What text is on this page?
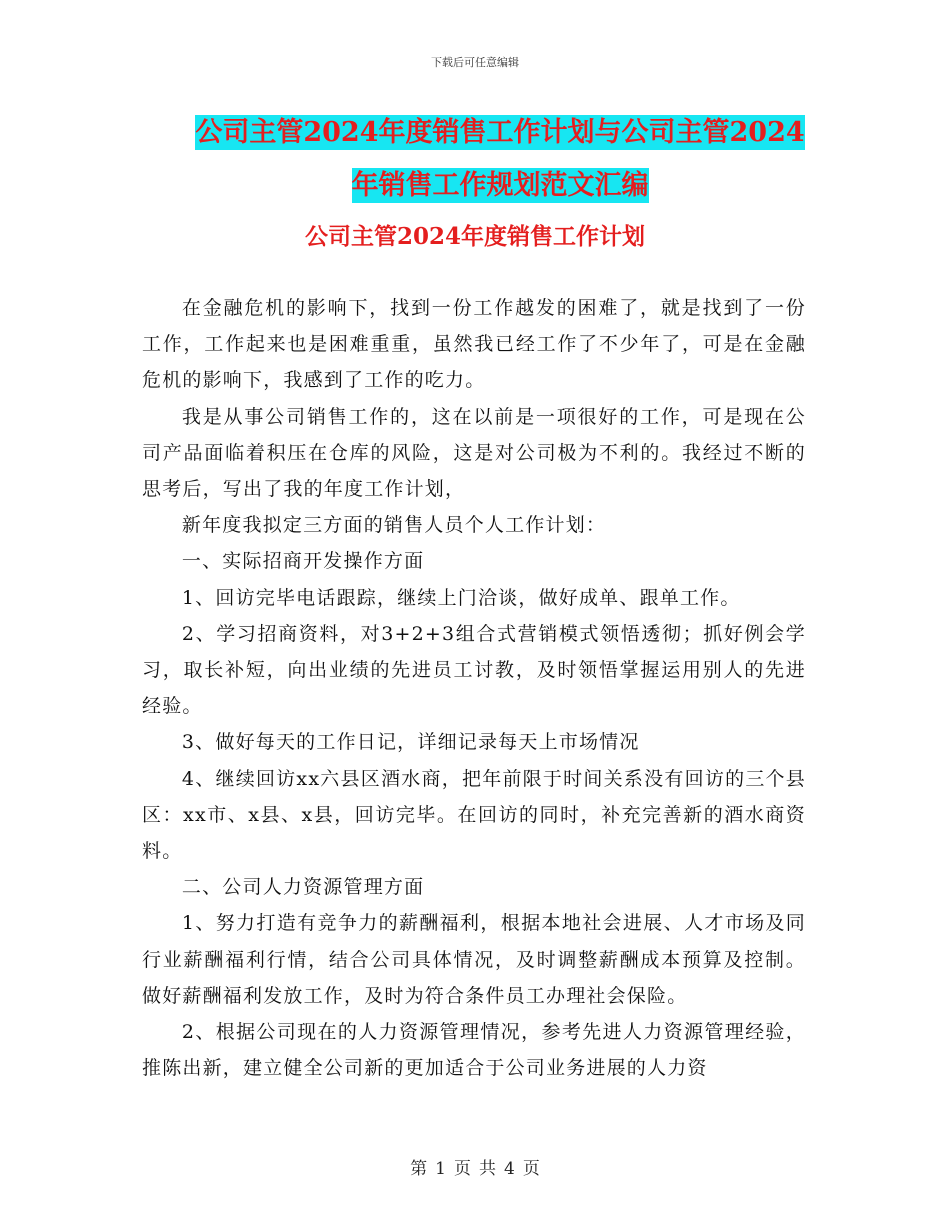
下载后可任意编辑
公司主管2024年度销售工作计划与公司主管2024年销售工作规划范文汇编
公司主管2024年度销售工作计划

在金融危机的影响下，找到一份工作越发的困难了，就是找到了一份工作，工作起来也是困难重重，虽然我已经工作了不少年了，可是在金融危机的影响下，我感到了工作的吃力。

我是从事公司销售工作的，这在以前是一项很好的工作，可是现在公司产品面临着积压在仓库的风险，这是对公司极为不利的。我经过不断的思考后，写出了我的年度工作计划，

新年度我拟定三方面的销售人员个人工作计划：

一、实际招商开发操作方面

1、回访完毕电话跟踪，继续上门洽谈，做好成单、跟单工作。

2、学习招商资料，对3+2+3组合式营销模式领悟透彻；抓好例会学习，取长补短，向出业绩的先进员工讨教，及时领悟掌握运用别人的先进经验。

3、做好每天的工作日记，详细记录每天上市场情况

4、继续回访xx六县区酒水商，把年前限于时间关系没有回访的三个县区：xx市、x县、x县，回访完毕。在回访的同时，补充完善新的酒水商资料。

二、公司人力资源管理方面

1、努力打造有竞争力的薪酬福利，根据本地社会进展、人才市场及同行业薪酬福利行情，结合公司具体情况，及时调整薪酬成本预算及控制。做好薪酬福利发放工作，及时为符合条件员工办理社会保险。

2、根据公司现在的人力资源管理情况，参考先进人力资源管理经验，推陈出新，建立健全公司新的更加适合于公司业务进展的人力资

第 1 页 共 4 页
